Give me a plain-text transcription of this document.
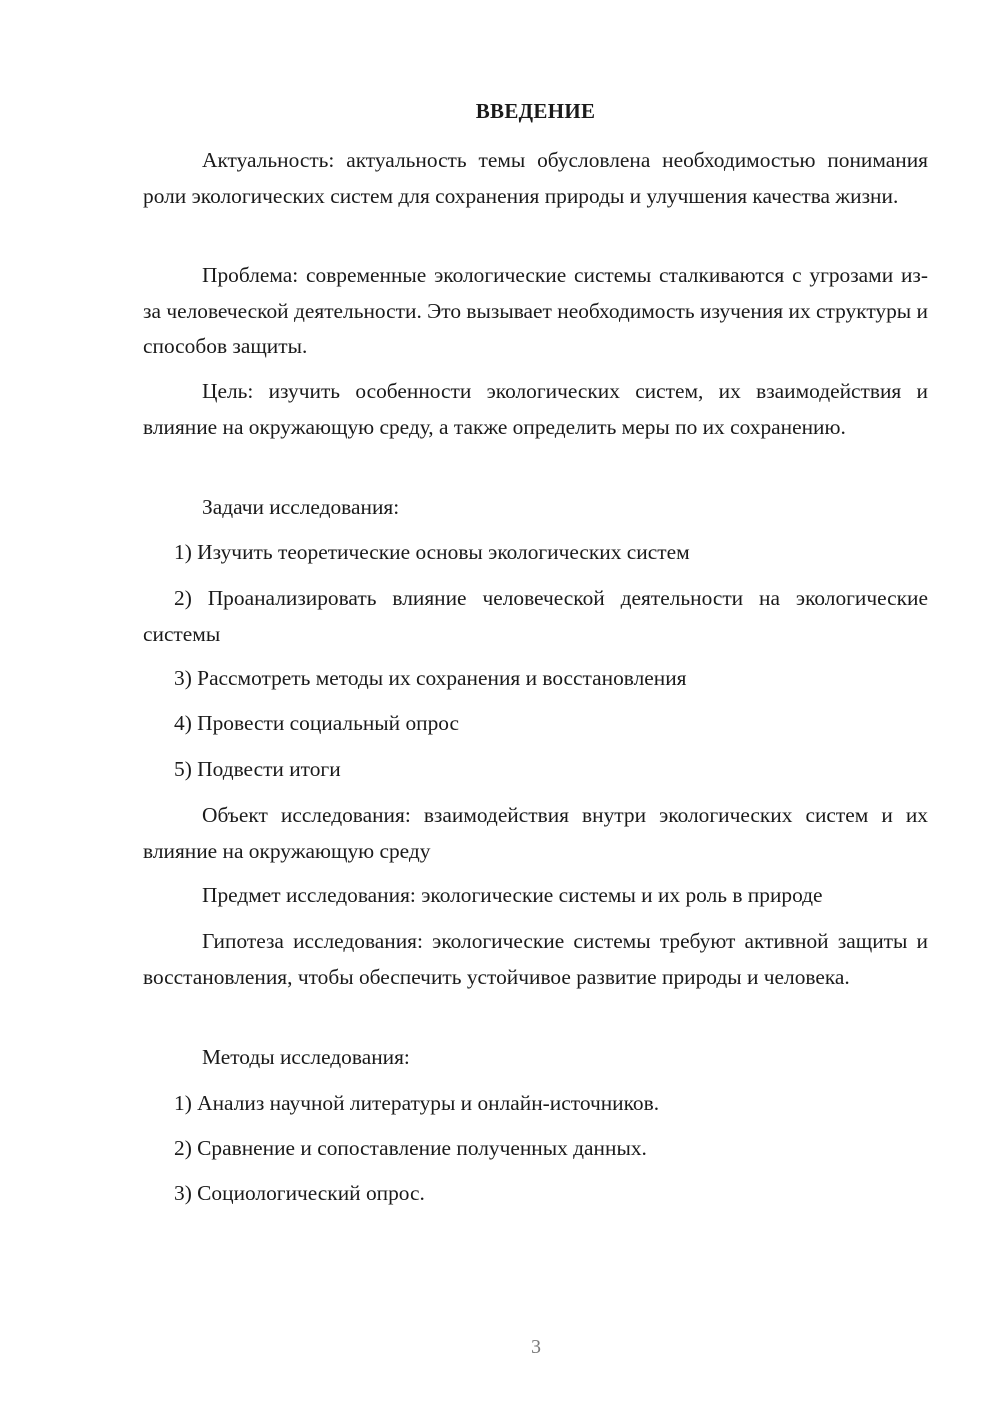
ВВЕДЕНИЕ

Актуальность: актуальность темы обусловлена необходимостью понимания роли экологических систем для сохранения природы и улучшения качества жизни.

Проблема: современные экологические системы сталкиваются с угрозами из-за человеческой деятельности. Это вызывает необходимость изучения их структуры и способов защиты.

Цель: изучить особенности экологических систем, их взаимодействия и влияние на окружающую среду, а также определить меры по их сохранению.

Задачи исследования:

1) Изучить теоретические основы экологических систем

2) Проанализировать влияние человеческой деятельности на экологические системы

3) Рассмотреть методы их сохранения и восстановления

4) Провести социальный опрос

5) Подвести итоги

Объект исследования: взаимодействия внутри экологических систем и их влияние на окружающую среду

Предмет исследования: экологические системы и их роль в природе

Гипотеза исследования: экологические системы требуют активной защиты и восстановления, чтобы обеспечить устойчивое развитие природы и человека.

Методы исследования:

1) Анализ научной литературы и онлайн-источников.

2) Сравнение и сопоставление полученных данных.

3) Социологический опрос.

3
